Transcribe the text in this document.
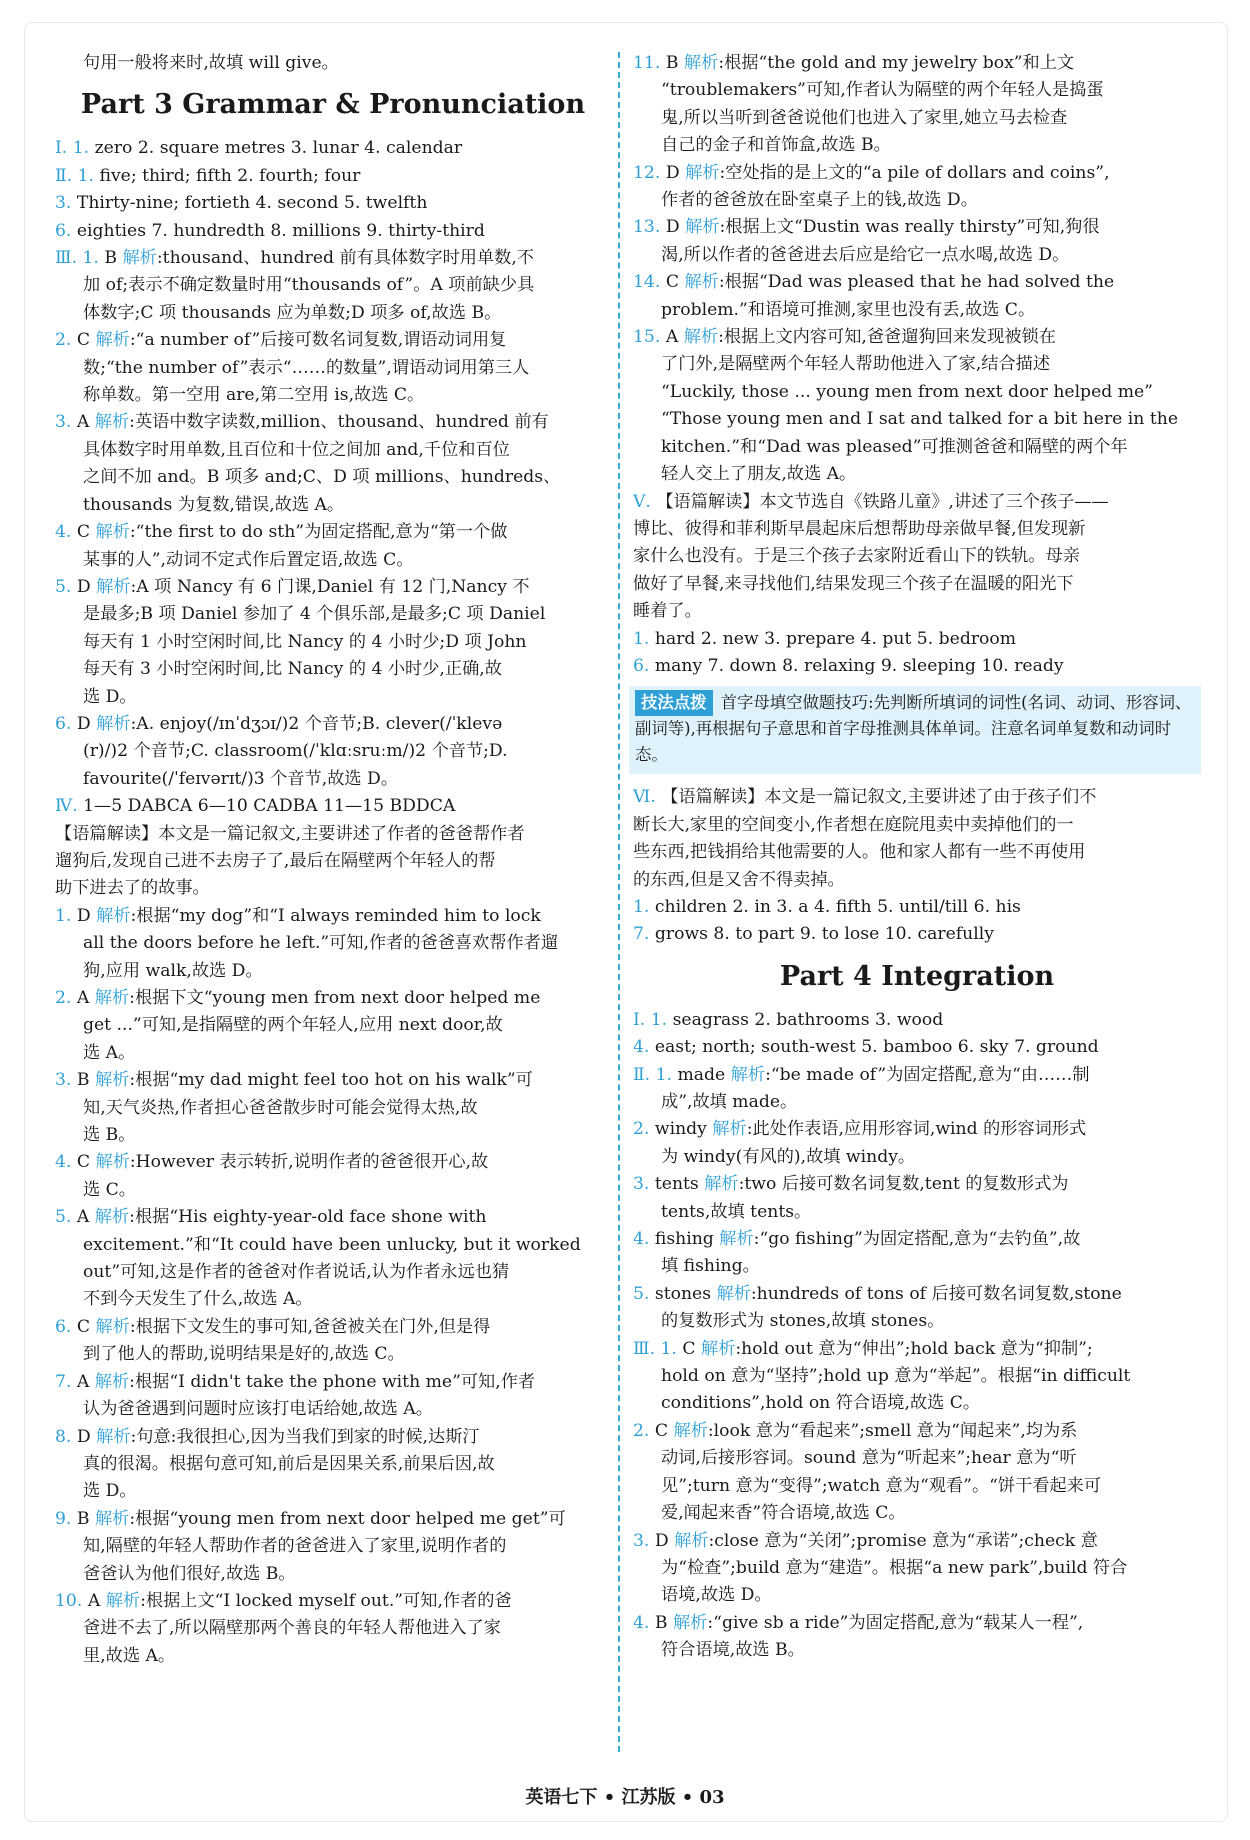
句用一般将来时,故填 will give。
Part 3 Grammar & Pronunciation
Ⅰ. 1. zero 2. square metres 3. lunar 4. calendar
Ⅱ. 1. five; third; fifth 2. fourth; four
3. Thirty-nine; fortieth 4. second 5. twelfth
6. eighties 7. hundredth 8. millions 9. thirty-third
Ⅲ. 1. B 解析:thousand、hundred 前有具体数字时用单数,不
加 of;表示不确定数量时用“thousands of”。A 项前缺少具
体数字;C 项 thousands 应为单数;D 项多 of,故选 B。
2. C 解析:“a number of”后接可数名词复数,谓语动词用复
数;“the number of”表示“……的数量”,谓语动词用第三人
称单数。第一空用 are,第二空用 is,故选 C。
3. A 解析:英语中数字读数,million、thousand、hundred 前有
具体数字时用单数,且百位和十位之间加 and,千位和百位
之间不加 and。B 项多 and;C、D 项 millions、hundreds、
thousands 为复数,错误,故选 A。
4. C 解析:“the first to do sth”为固定搭配,意为“第一个做
某事的人”,动词不定式作后置定语,故选 C。
5. D 解析:A 项 Nancy 有 6 门课,Daniel 有 12 门,Nancy 不
是最多;B 项 Daniel 参加了 4 个俱乐部,是最多;C 项 Daniel
每天有 1 小时空闲时间,比 Nancy 的 4 小时少;D 项 John
每天有 3 小时空闲时间,比 Nancy 的 4 小时少,正确,故
选 D。
6. D 解析:A. enjoy(/ɪnˈdʒɔɪ/)2 个音节;B. clever(/ˈklevə
(r)/)2 个音节;C. classroom(/ˈklɑːsruːm/)2 个音节;D.
favourite(/ˈfeɪvərɪt/)3 个音节,故选 D。
Ⅳ. 1—5 DABCA 6—10 CADBA 11—15 BDDCA
【语篇解读】本文是一篇记叙文,主要讲述了作者的爸爸帮作者
遛狗后,发现自己进不去房子了,最后在隔壁两个年轻人的帮
助下进去了的故事。
1. D 解析:根据“my dog”和“I always reminded him to lock
all the doors before he left.”可知,作者的爸爸喜欢帮作者遛
狗,应用 walk,故选 D。
2. A 解析:根据下文“young men from next door helped me
get ...”可知,是指隔壁的两个年轻人,应用 next door,故
选 A。
3. B 解析:根据“my dad might feel too hot on his walk”可
知,天气炎热,作者担心爸爸散步时可能会觉得太热,故
选 B。
4. C 解析:However 表示转折,说明作者的爸爸很开心,故
选 C。
5. A 解析:根据“His eighty-year-old face shone with
excitement.”和“It could have been unlucky, but it worked
out”可知,这是作者的爸爸对作者说话,认为作者永远也猜
不到今天发生了什么,故选 A。
6. C 解析:根据下文发生的事可知,爸爸被关在门外,但是得
到了他人的帮助,说明结果是好的,故选 C。
7. A 解析:根据“I didn't take the phone with me”可知,作者
认为爸爸遇到问题时应该打电话给她,故选 A。
8. D 解析:句意:我很担心,因为当我们到家的时候,达斯汀
真的很渴。根据句意可知,前后是因果关系,前果后因,故
选 D。
9. B 解析:根据“young men from next door helped me get”可
知,隔壁的年轻人帮助作者的爸爸进入了家里,说明作者的
爸爸认为他们很好,故选 B。
10. A 解析:根据上文“I locked myself out.”可知,作者的爸
爸进不去了,所以隔壁那两个善良的年轻人帮他进入了家
里,故选 A。
11. B 解析:根据“the gold and my jewelry box”和上文
“troublemakers”可知,作者认为隔壁的两个年轻人是捣蛋
鬼,所以当听到爸爸说他们也进入了家里,她立马去检查
自己的金子和首饰盒,故选 B。
12. D 解析:空处指的是上文的“a pile of dollars and coins”,
作者的爸爸放在卧室桌子上的钱,故选 D。
13. D 解析:根据上文“Dustin was really thirsty”可知,狗很
渴,所以作者的爸爸进去后应是给它一点水喝,故选 D。
14. C 解析:根据“Dad was pleased that he had solved the
problem.”和语境可推测,家里也没有丢,故选 C。
15. A 解析:根据上文内容可知,爸爸遛狗回来发现被锁在
了门外,是隔壁两个年轻人帮助他进入了家,结合描述
“Luckily, those ... young men from next door helped me”
“Those young men and I sat and talked for a bit here in the
kitchen.”和“Dad was pleased”可推测爸爸和隔壁的两个年
轻人交上了朋友,故选 A。
Ⅴ. 【语篇解读】本文节选自《铁路儿童》,讲述了三个孩子——
博比、彼得和菲利斯早晨起床后想帮助母亲做早餐,但发现新
家什么也没有。于是三个孩子去家附近看山下的铁轨。母亲
做好了早餐,来寻找他们,结果发现三个孩子在温暖的阳光下
睡着了。
1. hard 2. new 3. prepare 4. put 5. bedroom
6. many 7. down 8. relaxing 9. sleeping 10. ready
技法点拨 首字母填空做题技巧:先判断所填词的词性(名词、动词、形容词、副词等),再根据句子意思和首字母推测具体单词。注意名词单复数和动词时态。
Ⅵ. 【语篇解读】本文是一篇记叙文,主要讲述了由于孩子们不
断长大,家里的空间变小,作者想在庭院甩卖中卖掉他们的一
些东西,把钱捐给其他需要的人。他和家人都有一些不再使用
的东西,但是又舍不得卖掉。
1. children 2. in 3. a 4. fifth 5. until/till 6. his
7. grows 8. to part 9. to lose 10. carefully
Part 4 Integration
Ⅰ. 1. seagrass 2. bathrooms 3. wood
4. east; north; south-west 5. bamboo 6. sky 7. ground
Ⅱ. 1. made 解析:“be made of”为固定搭配,意为“由……制
成”,故填 made。
2. windy 解析:此处作表语,应用形容词,wind 的形容词形式
为 windy(有风的),故填 windy。
3. tents 解析:two 后接可数名词复数,tent 的复数形式为
tents,故填 tents。
4. fishing 解析:“go fishing”为固定搭配,意为“去钓鱼”,故
填 fishing。
5. stones 解析:hundreds of tons of 后接可数名词复数,stone
的复数形式为 stones,故填 stones。
Ⅲ. 1. C 解析:hold out 意为“伸出”;hold back 意为“抑制”;
hold on 意为“坚持”;hold up 意为“举起”。根据“in difficult
conditions”,hold on 符合语境,故选 C。
2. C 解析:look 意为“看起来”;smell 意为“闻起来”,均为系
动词,后接形容词。sound 意为“听起来”;hear 意为“听
见”;turn 意为“变得”;watch 意为“观看”。“饼干看起来可
爱,闻起来香”符合语境,故选 C。
3. D 解析:close 意为“关闭”;promise 意为“承诺”;check 意
为“检查”;build 意为“建造”。根据“a new park”,build 符合
语境,故选 D。
4. B 解析:“give sb a ride”为固定搭配,意为“载某人一程”,
符合语境,故选 B。
英语七下 • 江苏版 • 03
